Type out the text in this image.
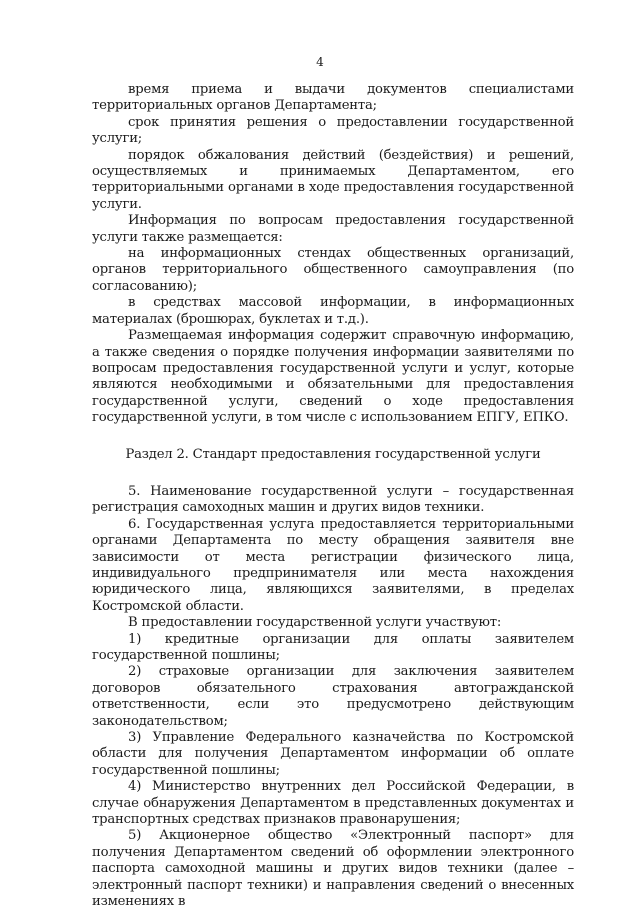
4

время приема и выдачи документов специалистами территориальных органов Департамента;

срок принятия решения о предоставлении государственной услуги;

порядок обжалования действий (бездействия) и решений, осуществляемых и принимаемых Департаментом, его территориальными органами в ходе предоставления государственной услуги.

Информация по вопросам предоставления государственной услуги также размещается:

на информационных стендах общественных организаций, органов территориального общественного самоуправления (по согласованию);

в средствах массовой информации, в информационных материалах (брошюрах, буклетах и т.д.).

Размещаемая информация содержит справочную информацию, а также сведения о порядке получения информации заявителями по вопросам предоставления государственной услуги и услуг, которые являются необходимыми и обязательными для предоставления государственной услуги, сведений о ходе предоставления государственной услуги, в том числе с использованием ЕПГУ, ЕПКО.

Раздел 2. Стандарт предоставления государственной услуги

5. Наименование государственной услуги – государственная регистрация самоходных машин и других видов техники.

6. Государственная услуга предоставляется территориальными органами Департамента по месту обращения заявителя вне зависимости от места регистрации физического лица, индивидуального предпринимателя или места нахождения юридического лица, являющихся заявителями, в пределах Костромской области.

В предоставлении государственной услуги участвуют:

1) кредитные организации для оплаты заявителем государственной пошлины;

2) страховые организации для заключения заявителем договоров обязательного страхования автогражданской ответственности, если это предусмотрено действующим законодательством;

3) Управление Федерального казначейства по Костромской области для получения Департаментом информации об оплате государственной пошлины;

4) Министерство внутренних дел Российской Федерации, в случае обнаружения Департаментом в представленных документах и транспортных средствах признаков правонарушения;

5) Акционерное общество «Электронный паспорт» для получения Департаментом сведений об оформлении электронного паспорта самоходной машины и других видов техники (далее – электронный паспорт техники) и направления сведений о внесенных изменениях в
